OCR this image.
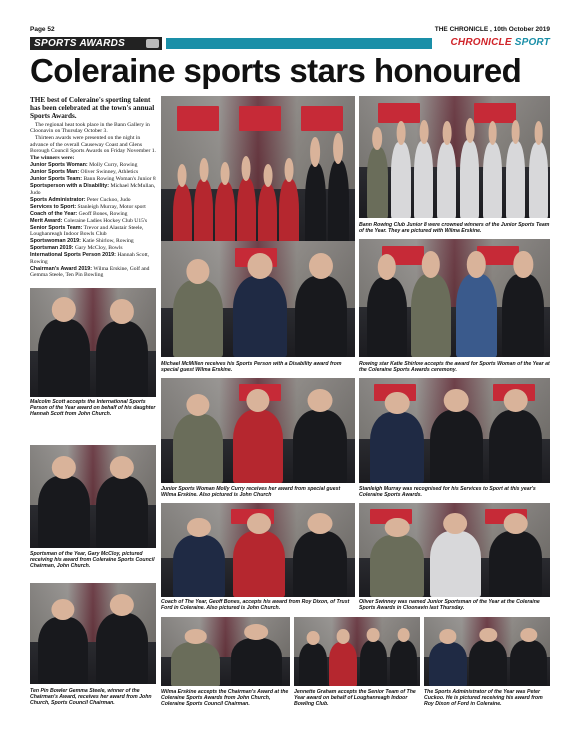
Page 52	THE CHRONICLE , 10th October 2019
SPORTS AWARDS	CHRONICLE SPORT
Coleraine sports stars honoured
THE best of Coleraine's sporting talent has been celebrated at the town's annual Sports Awards.

The regional heat took place in the Bann Gallery in Cloonavin on Thursday October 3.

Thirteen awards were presented on the night in advance of the overall Causeway Coast and Glens Borough Council Sports Awards on Friday November 1.

The winners were:

Junior Sports Woman: Molly Curry, Rowing

Junior Sports Man: Oliver Swinney, Athletics

Junior Sports Team: Bann Rowing Woman's Junior 8

Sportsperson with a Disability: Michael McMullan, Judo

Sports Administrator: Peter Cuckoo, Judo

Services to Sport: Stanleigh Murray, Motor sport

Coach of the Year: Geoff Bones, Rowing

Merit Award: Coleraine Ladies Hockey Club U15's

Senior Sports Team: Trevor and Alastair Steele, Loughanreagh Indoor Bowls Club

Sportswoman 2019: Katie Shirlow, Rowing

Sportsman 2019: Gary McCloy, Bowls

International Sports Person 2019: Hannah Scott, Rowing

Chairman's Award 2019: Wilma Erskine, Golf and Gemma Steele, Ten Pin Bowling

Bann Rowing Club Junior 8 were crowned winners of the Junior Sports Team of the Year. They are pictured with Wilma Erskine.
Malcolm Scott accepts the International Sports Person of the Year award on behalf of his daughter Hannah Scott from John Church.
Michael McMillen receives his Sports Person with a Disability award from special guest Wilma Erskine.
Rowing star Katie Shirlow accepts the award for Sports Woman of the Year at the Coleraine Sports Awards ceremony.
Junior Sports Woman Molly Curry receives her award from special guest Wilma Erskine. Also pictured is John Church
Stanleigh Murray was recognised for his Services to Sport at this year's Coleraine Sports Awards.
Sportsman of the Year, Gary McCloy, pictured receiving his award from Coleraine Sports Council Chairman, John Church.
Coach of The Year, Geoff Bones, accepts his award from Roy Dixon, of Trust Ford in Coleraine. Also pictured is John Church.
Oliver Swinney was named Junior Sportsman of the Year at the Coleraine Sports Awards in Cloonavin last Thursday.
Ten Pin Bowler Gemma Steele, winner of the Chairman's Award, receives her award from John Church, Sports Council Chairman.
Wilma Erskine accepts the Chairman's Award at the Coleraine Sports Awards from John Church, Coleraine Sports Council Chairman.
Jennette Graham accepts the Senior Team of The Year award on behalf of Loughanreagh Indoor Bowling Club.
The Sports Administrator of the Year was Peter Cuckoo. He is pictured receiving his award from Roy Dixon of Ford in Coleraine.
